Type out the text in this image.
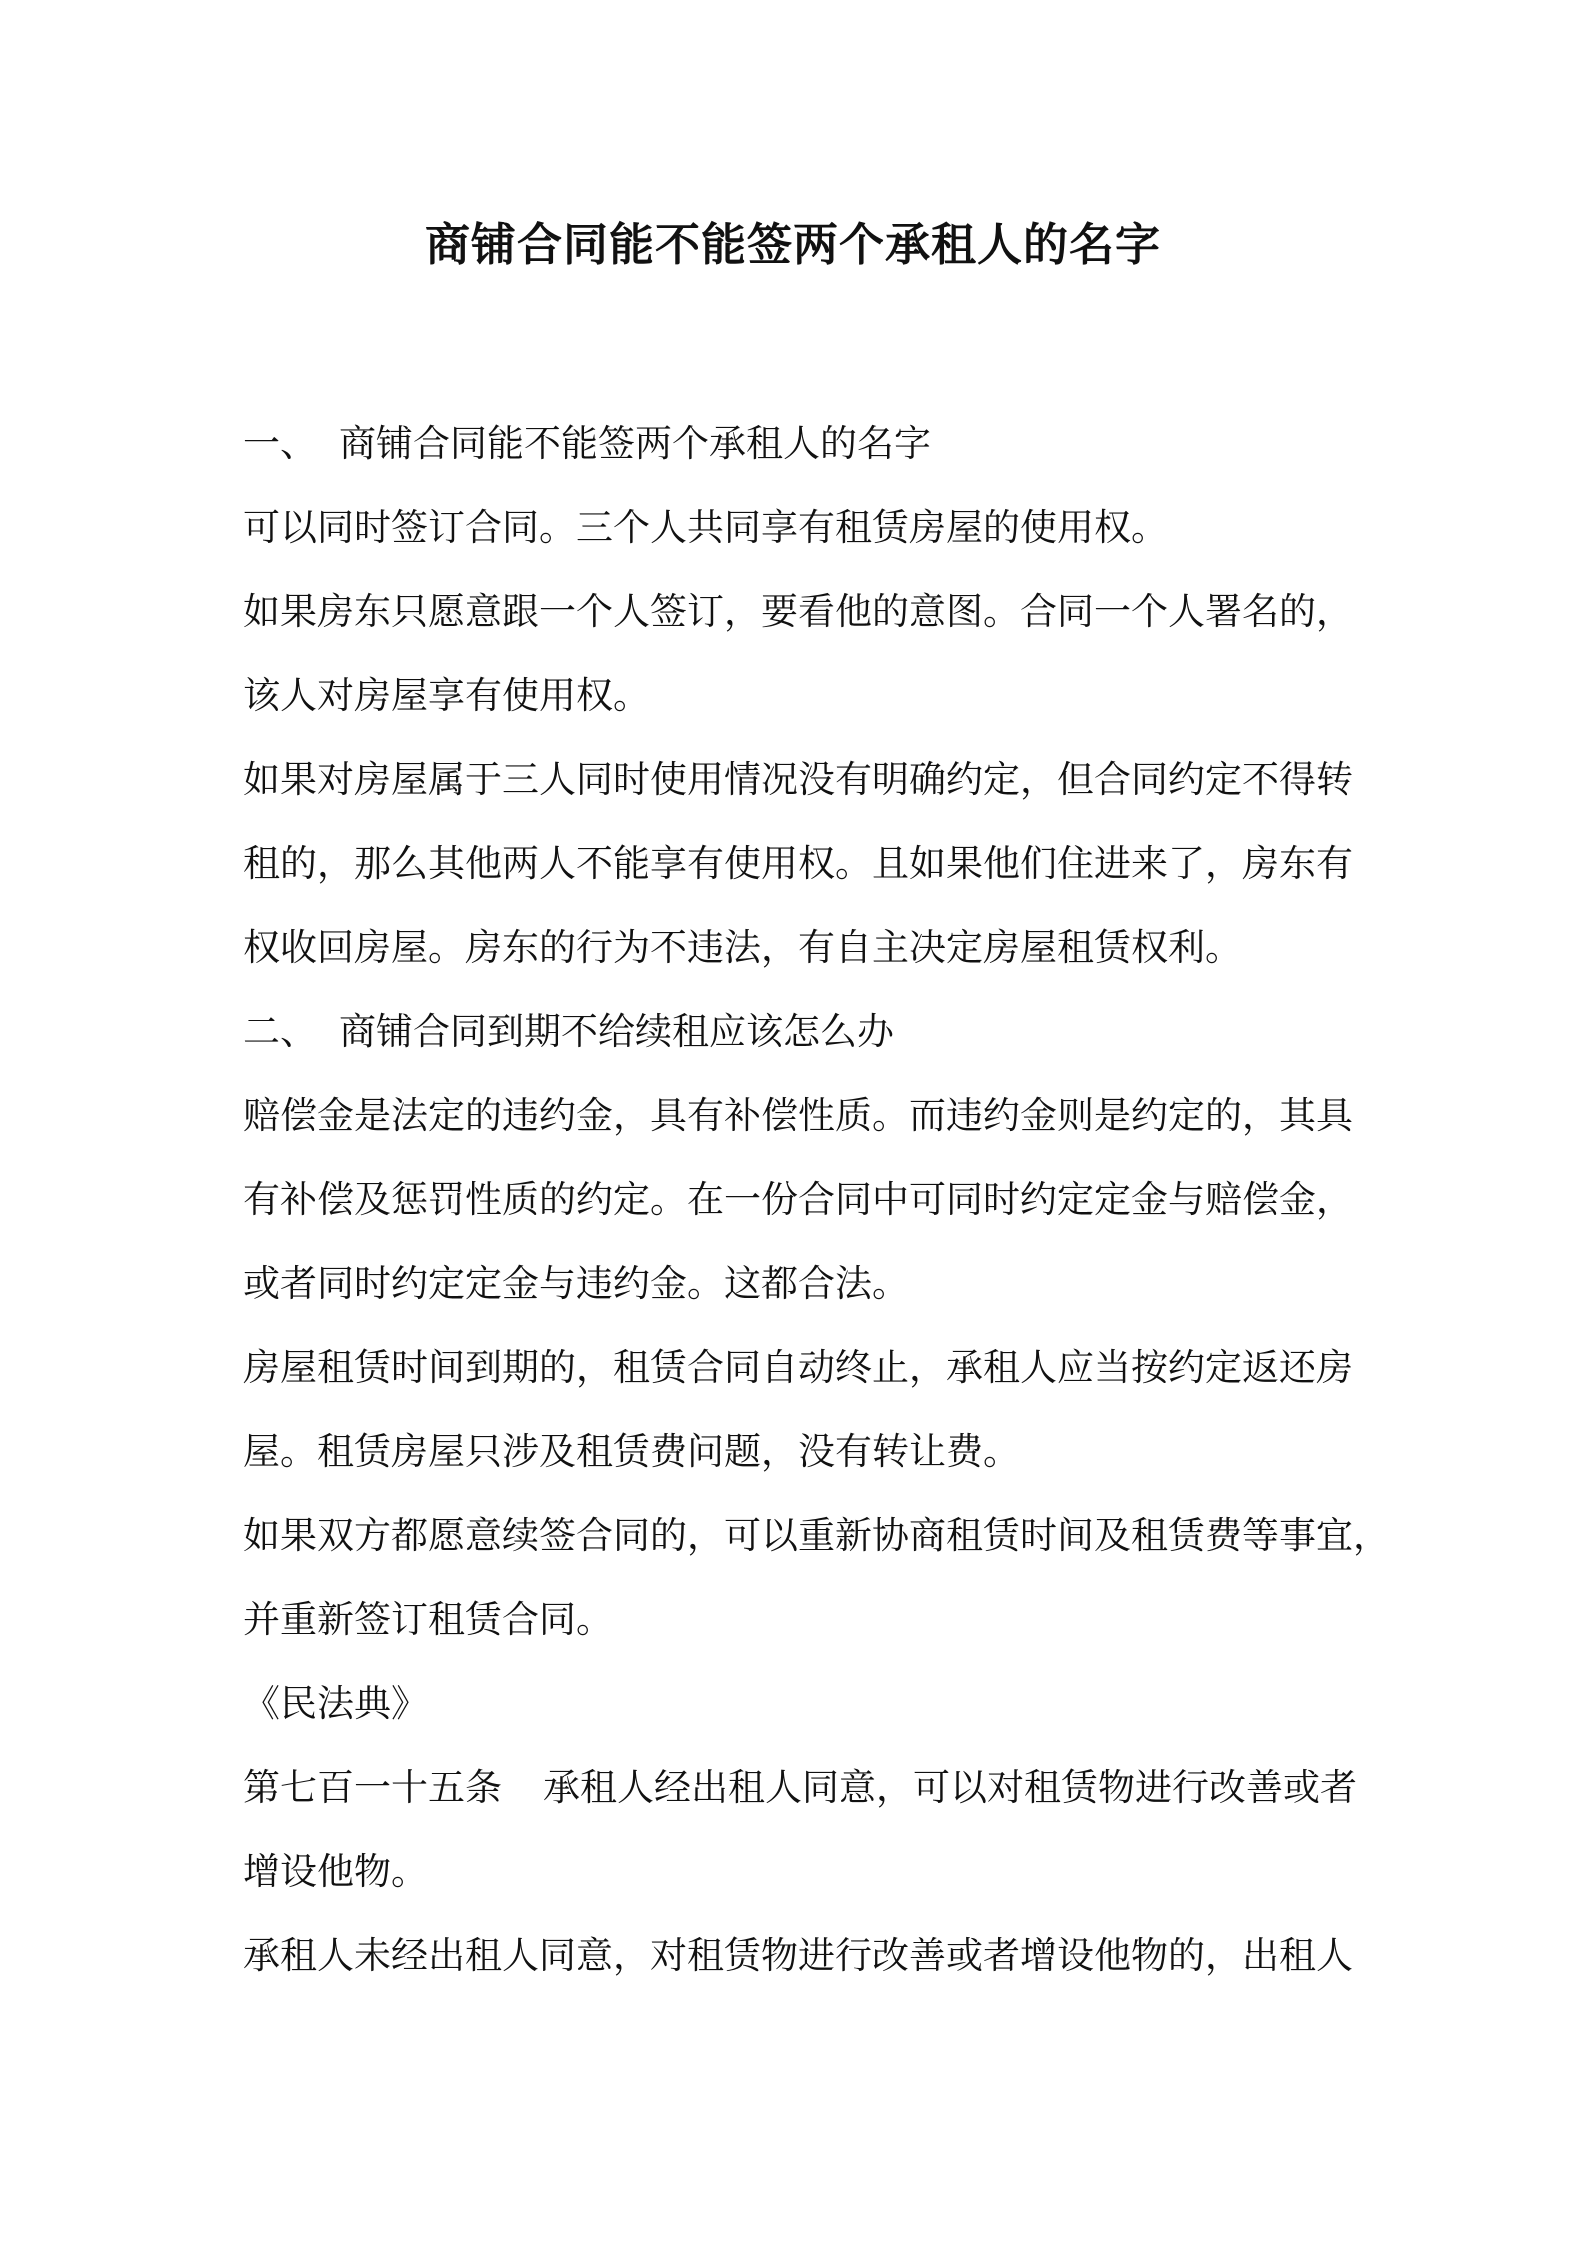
商铺合同能不能签两个承租人的名字
一、 商铺合同能不能签两个承租人的名字
可以同时签订合同。三个人共同享有租赁房屋的使用权。
如果房东只愿意跟一个人签订，要看他的意图。合同一个人署名的，
该人对房屋享有使用权。
如果对房屋属于三人同时使用情况没有明确约定，但合同约定不得转
租的，那么其他两人不能享有使用权。且如果他们住进来了，房东有
权收回房屋。房东的行为不违法，有自主决定房屋租赁权利。
二、 商铺合同到期不给续租应该怎么办
赔偿金是法定的违约金，具有补偿性质。而违约金则是约定的，其具
有补偿及惩罚性质的约定。在一份合同中可同时约定定金与赔偿金，
或者同时约定定金与违约金。这都合法。
房屋租赁时间到期的，租赁合同自动终止，承租人应当按约定返还房
屋。租赁房屋只涉及租赁费问题，没有转让费。
如果双方都愿意续签合同的，可以重新协商租赁时间及租赁费等事宜，
并重新签订租赁合同。
《民法典》
第七百一十五条 承租人经出租人同意，可以对租赁物进行改善或者
增设他物。
承租人未经出租人同意，对租赁物进行改善或者增设他物的，出租人
